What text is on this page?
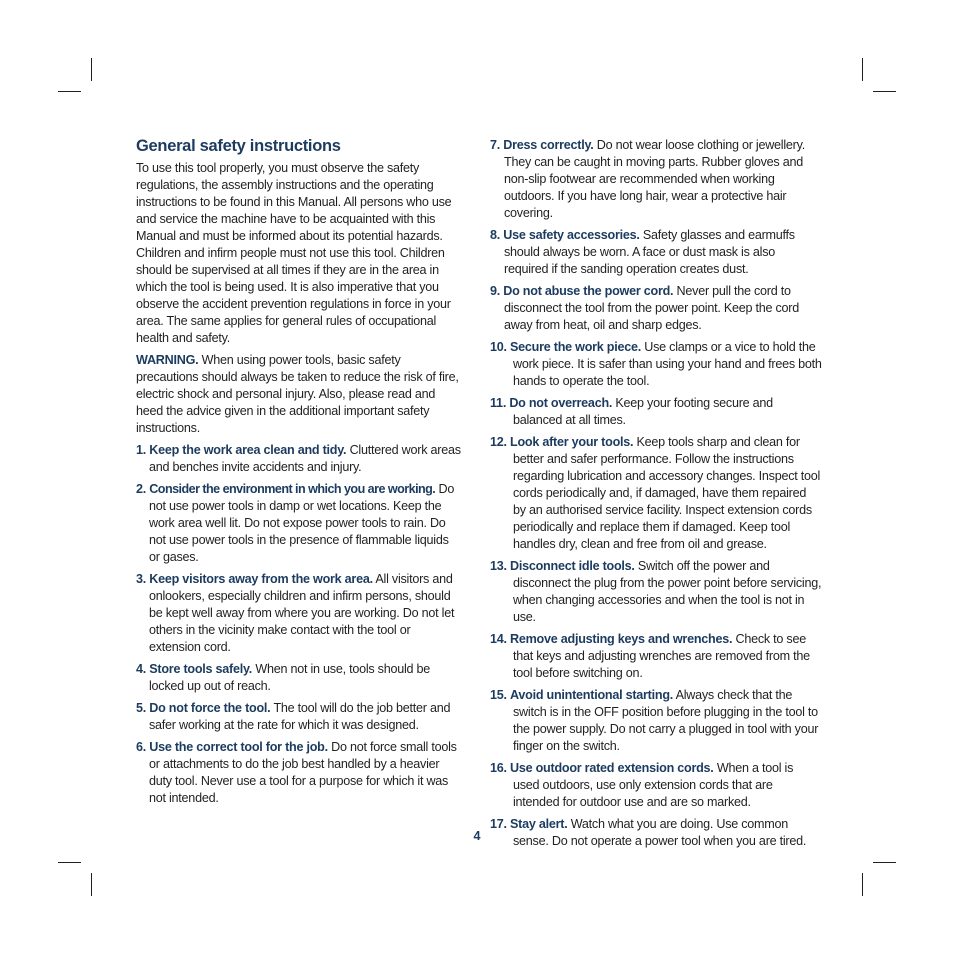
General safety instructions

To use this tool properly, you must observe the safety regulations, the assembly instructions and the operating instructions to be found in this Manual. All persons who use and service the machine have to be acquainted with this Manual and must be informed about its potential hazards. Children and infirm people must not use this tool. Children should be supervised at all times if they are in the area in which the tool is being used. It is also imperative that you observe the accident prevention regulations in force in your area. The same applies for general rules of occupational health and safety.

WARNING. When using power tools, basic safety precautions should always be taken to reduce the risk of fire, electric shock and personal injury. Also, please read and heed the advice given in the additional important safety instructions.

1. Keep the work area clean and tidy. Cluttered work areas and benches invite accidents and injury.
2. Consider the environment in which you are working. Do not use power tools in damp or wet locations. Keep the work area well lit. Do not expose power tools to rain. Do not use power tools in the presence of flammable liquids or gases.
3. Keep visitors away from the work area. All visitors and onlookers, especially children and infirm persons, should be kept well away from where you are working. Do not let others in the vicinity make contact with the tool or extension cord.
4. Store tools safely. When not in use, tools should be locked up out of reach.
5. Do not force the tool. The tool will do the job better and safer working at the rate for which it was designed.
6. Use the correct tool for the job. Do not force small tools or attachments to do the job best handled by a heavier duty tool. Never use a tool for a purpose for which it was not intended.
7. Dress correctly. Do not wear loose clothing or jewellery. They can be caught in moving parts. Rubber gloves and non-slip footwear are recommended when working outdoors. If you have long hair, wear a protective hair covering.
8. Use safety accessories. Safety glasses and earmuffs should always be worn. A face or dust mask is also required if the sanding operation creates dust.
9. Do not abuse the power cord. Never pull the cord to disconnect the tool from the power point. Keep the cord away from heat, oil and sharp edges.
10. Secure the work piece. Use clamps or a vice to hold the work piece. It is safer than using your hand and frees both hands to operate the tool.
11. Do not overreach. Keep your footing secure and balanced at all times.
12. Look after your tools. Keep tools sharp and clean for better and safer performance. Follow the instructions regarding lubrication and accessory changes. Inspect tool cords periodically and, if damaged, have them repaired by an authorised service facility. Inspect extension cords periodically and replace them if damaged. Keep tool handles dry, clean and free from oil and grease.
13. Disconnect idle tools. Switch off the power and disconnect the plug from the power point before servicing, when changing accessories and when the tool is not in use.
14. Remove adjusting keys and wrenches. Check to see that keys and adjusting wrenches are removed from the tool before switching on.
15. Avoid unintentional starting. Always check that the switch is in the OFF position before plugging in the tool to the power supply. Do not carry a plugged in tool with your finger on the switch.
16. Use outdoor rated extension cords. When a tool is used outdoors, use only extension cords that are intended for outdoor use and are so marked.
17. Stay alert. Watch what you are doing. Use common sense. Do not operate a power tool when you are tired.
4
